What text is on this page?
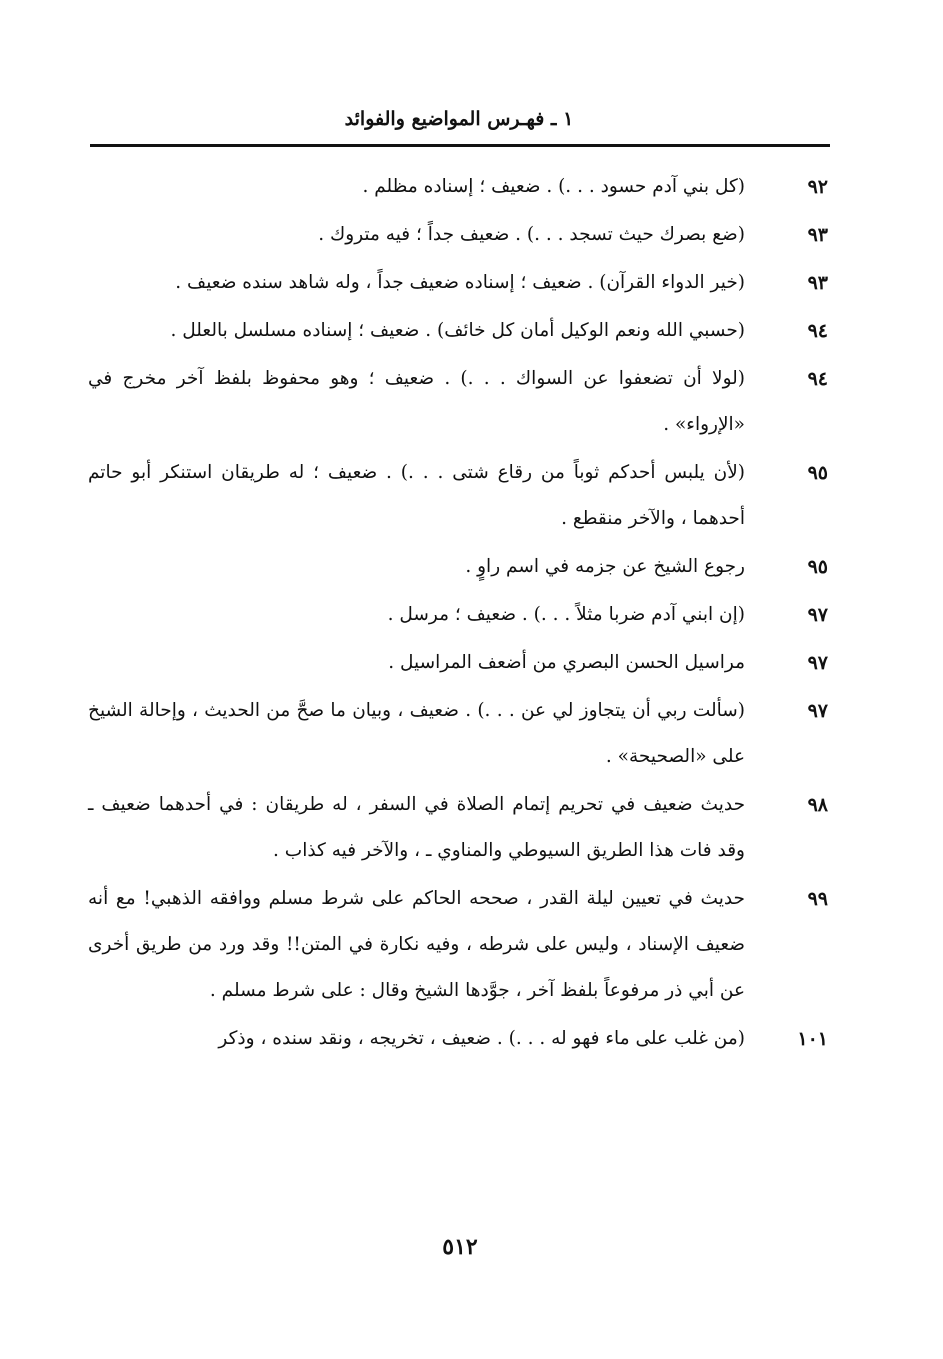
١ ـ فهـرس المواضيع والفوائد
٩٢
(كل بني آدم حسود . . .) . ضعيف ؛ إسناده مظلم .
٩٣
(ضع بصرك حيث تسجد . . .) . ضعيف جداً ؛ فيه متروك .
٩٣
(خير الدواء القرآن) . ضعيف ؛ إسناده ضعيف جداً ، وله شاهد سنده ضعيف .
٩٤
(حسبي الله ونعم الوكيل أمان كل خائف) . ضعيف ؛ إسناده مسلسل بالعلل .
٩٤
(لولا أن تضعفوا عن السواك . . .) . ضعيف ؛ وهو محفوظ بلفظ آخر مخرج في «الإرواء» .
٩٥
(لأن يلبس أحدكم ثوباً من رقاع شتى . . .) . ضعيف ؛ له طريقان استنكر أبو حاتم أحدهما ، والآخر منقطع .
٩٥
رجوع الشيخ عن جزمه في اسم راوٍ .
٩٧
(إن ابني آدم ضربا مثلاً . . .) . ضعيف ؛ مرسل .
٩٧
مراسيل الحسن البصري من أضعف المراسيل .
٩٧
(سألت ربي أن يتجاوز لي عن . . .) . ضعيف ، وبيان ما صحَّ من الحديث ، وإحالة الشيخ على «الصحيحة» .
٩٨
حديث ضعيف في تحريم إتمام الصلاة في السفر ، له طريقان : في أحدهما ضعيف ـ وقد فات هذا الطريق السيوطي والمناوي ـ ، والآخر فيه كذاب .
٩٩
حديث في تعيين ليلة القدر ، صححه الحاكم على شرط مسلم ووافقه الذهبي! مع أنه ضعيف الإسناد ، وليس على شرطه ، وفيه نكارة في المتن!! وقد ورد من طريق أخرى عن أبي ذر مرفوعاً بلفظ آخر ، جوَّدها الشيخ وقال : على شرط مسلم .
١٠١
(من غلب على ماء فهو له . . .) . ضعيف ، تخريجه ، ونقد سنده ، وذكر
٥١٢
